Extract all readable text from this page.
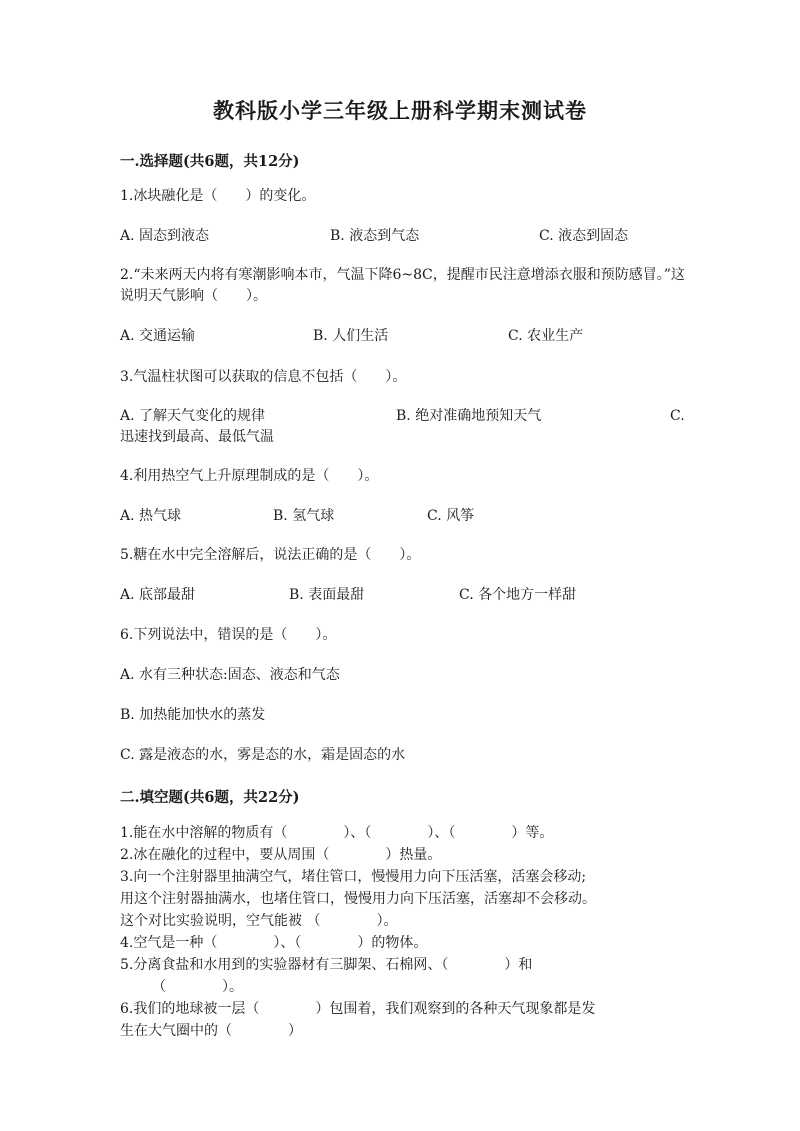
教科版小学三年级上册科学期末测试卷
一.选择题(共6题，共12分)
1.冰块融化是（　　）的变化。
A. 固态到液态	B. 液态到气态	C. 液态到固态
2.“未来两天内将有寒潮影响本市，气温下降6~8C，提醒市民注意增添衣服和预防感冒。”这说明天气影响（　　）。
A. 交通运输	B. 人们生活	C. 农业生产
3.气温柱状图可以获取的信息不包括（　　）。
A. 了解天气变化的规律	B. 绝对准确地预知天气	C.
迅速找到最高、最低气温
4.利用热空气上升原理制成的是（　　）。
A. 热气球	B. 氢气球	C. 风筝
5.糖在水中完全溶解后，说法正确的是（　　）。
A. 底部最甜	B. 表面最甜	C. 各个地方一样甜
6.下列说法中，错误的是（　　）。
A. 水有三种状态:固态、液态和气态
B. 加热能加快水的蒸发
C. 露是液态的水，雾是态的水，霜是固态的水
二.填空题(共6题，共22分)
1.能在水中溶解的物质有（　　　　）、（　　　　）、（　　　　）等。
2.冰在融化的过程中，要从周围（　　　　）热量。
3.向一个注射器里抽满空气，堵住管口，慢慢用力向下压活塞，活塞会移动;
用这个注射器抽满水，也堵住管口，慢慢用力向下压活塞，活塞却不会移动。
这个对比实验说明，空气能被 （　　　　）。
4.空气是一种（　　　　）、（　　　　）的物体。
5.分离食盐和水用到的实验器材有三脚架、石棉网、（　　　　）和
（　　　　）。
6.我们的地球被一层（　　　　）包围着，我们观察到的各种天气现象都是发
生在大气圈中的（　　　　）
